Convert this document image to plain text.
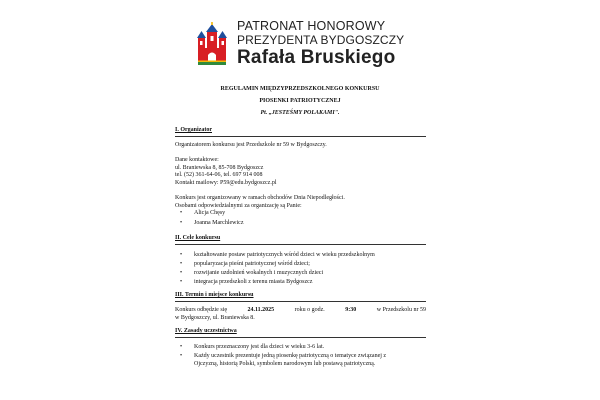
PATRONAT HONOROWY
PREZYDENTA BYDGOSZCZY
Rafała Bruskiego
REGULAMIN MIĘDZYPRZEDSZKOLNEGO KONKURSU
PIOSENKI PATRIOTYCZNEJ
Pt. „JESTEŚMY POLAKAMI".
I. Organizator
Organizatorem konkursu jest Przedszkole nr 59 w Bydgoszczy.
Dane kontaktowe:
ul. Braniewska 8, 85-708 Bydgoszcz
tel. (52) 361-64-06, tel. 697 914 008
Kontakt mailowy: P59@edu.bydgoszcz.pl
Konkurs jest organizowany w ramach obchodów Dnia Niepodległości.
Osobami odpowiedzialnymi za organizację są Panie:
• Alicja Chęsy
• Joanna Marchlewicz
II. Cele konkursu
• kształtowanie postaw patriotycznych wśród dzieci w wieku przedszkolnym
• popularyzacja pieśni patriotycznej wśród dzieci;
• rozwijanie uzdolnień wokalnych i muzycznych dzieci
• integracja przedszkoli z terenu miasta Bydgoszcz
III. Termin i miejsce konkursu
Konkurs odbędzie się	24.11.2025	roku o godz.	9:30	w Przedszkolu nr 59
w Bydgoszczy, ul. Braniewska 8.
IV. Zasady uczestnictwa
• Konkurs przeznaczony jest dla dzieci w wieku 3-6 lat.
• Każdy uczestnik prezentuje jedną piosenkę patriotyczną o tematyce związanej z
Ojczyzną, historią Polski, symbolem narodowym lub postawą patriotyczną.
